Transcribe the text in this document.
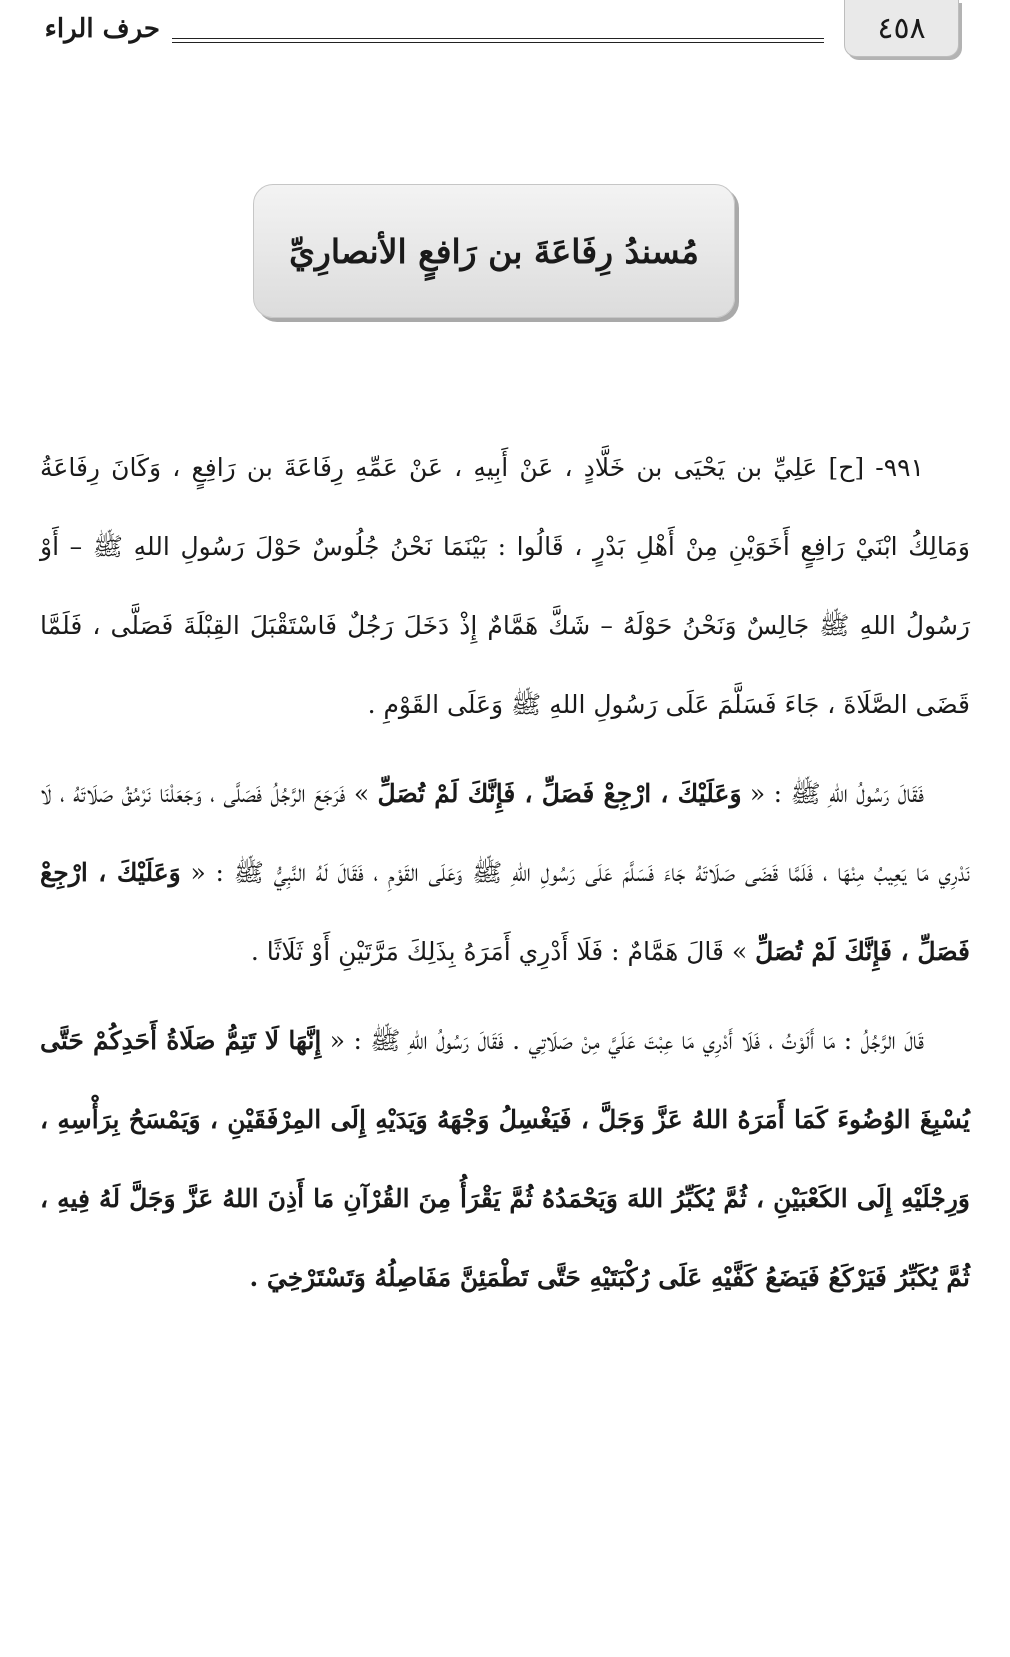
٤٥٨
حرف الراء
مُسندُ رِفَاعَةَ بن رَافعٍ الأنصارِيِّ

٩٩١- [ح] عَلِيِّ بن يَحْيَى بن خَلَّادٍ ، عَنْ أَبِيهِ ، عَنْ عَمِّهِ رِفَاعَةَ بن رَافِعٍ ، وَكَانَ رِفَاعَةُ وَمَالِكُ ابْنَيْ رَافِعٍ أَخَوَيْنِ مِنْ أَهْلِ بَدْرٍ ، قَالُوا : بَيْنَمَا نَحْنُ جُلُوسٌ حَوْلَ رَسُولِ اللهِ ﷺ – أَوْ رَسُولُ اللهِ ﷺ جَالِسٌ وَنَحْنُ حَوْلَهُ – شَكَّ هَمَّامٌ إِذْ دَخَلَ رَجُلٌ فَاسْتَقْبَلَ القِبْلَةَ فَصَلَّى ، فَلَمَّا قَضَى الصَّلَاةَ ، جَاءَ فَسَلَّمَ عَلَى رَسُولِ اللهِ ﷺ وَعَلَى القَوْمِ .

فَقَالَ رَسُولُ اللهِ ﷺ : « وَعَلَيْكَ ، ارْجِعْ فَصَلِّ ، فَإِنَّكَ لَمْ تُصَلِّ » فَرَجَعَ الرَّجُلُ فَصَلَّى ، وَجَعَلْنَا نَرْمُقُ صَلَاتَهُ ، لَا نَدْرِي مَا يَعِيبُ مِنْهَا ، فَلَمَّا قَضَى صَلَاتَهُ جَاءَ فَسَلَّمَ عَلَى رَسُولِ اللهِ ﷺ وَعَلَى القَوْمِ ، فَقَالَ لَهُ النَّبِيُّ ﷺ : « وَعَلَيْكَ ، ارْجِعْ فَصَلِّ ، فَإِنَّكَ لَمْ تُصَلِّ » قَالَ هَمَّامٌ : فَلَا أَدْرِي أَمَرَهُ بِذَلِكَ مَرَّتَيْنِ أَوْ ثَلَاثًا .

قَالَ الرَّجُلُ : مَا أَلَوْتُ ، فَلَا أَدْرِي مَا عِبْتَ عَلَيَّ مِنْ صَلَاتِي . فَقَالَ رَسُولُ اللهِ ﷺ : « إِنَّهَا لَا تَتِمُّ صَلَاةُ أَحَدِكُمْ حَتَّى يُسْبِغَ الوُضُوءَ كَمَا أَمَرَهُ اللهُ عَزَّ وَجَلَّ ، فَيَغْسِلُ وَجْهَهُ وَيَدَيْهِ إِلَى المِرْفَقَيْنِ ، وَيَمْسَحُ بِرَأْسِهِ ، وَرِجْلَيْهِ إِلَى الكَعْبَيْنِ ، ثُمَّ يُكَبِّرُ اللهَ وَيَحْمَدُهُ ثُمَّ يَقْرَأُ مِنَ القُرْآنِ مَا أَذِنَ اللهُ عَزَّ وَجَلَّ لَهُ فِيهِ ، ثُمَّ يُكَبِّرُ فَيَرْكَعُ فَيَضَعُ كَفَّيْهِ عَلَى رُكْبَتَيْهِ حَتَّى تَطْمَئِنَّ مَفَاصِلُهُ وَتَسْتَرْخِيَ .
